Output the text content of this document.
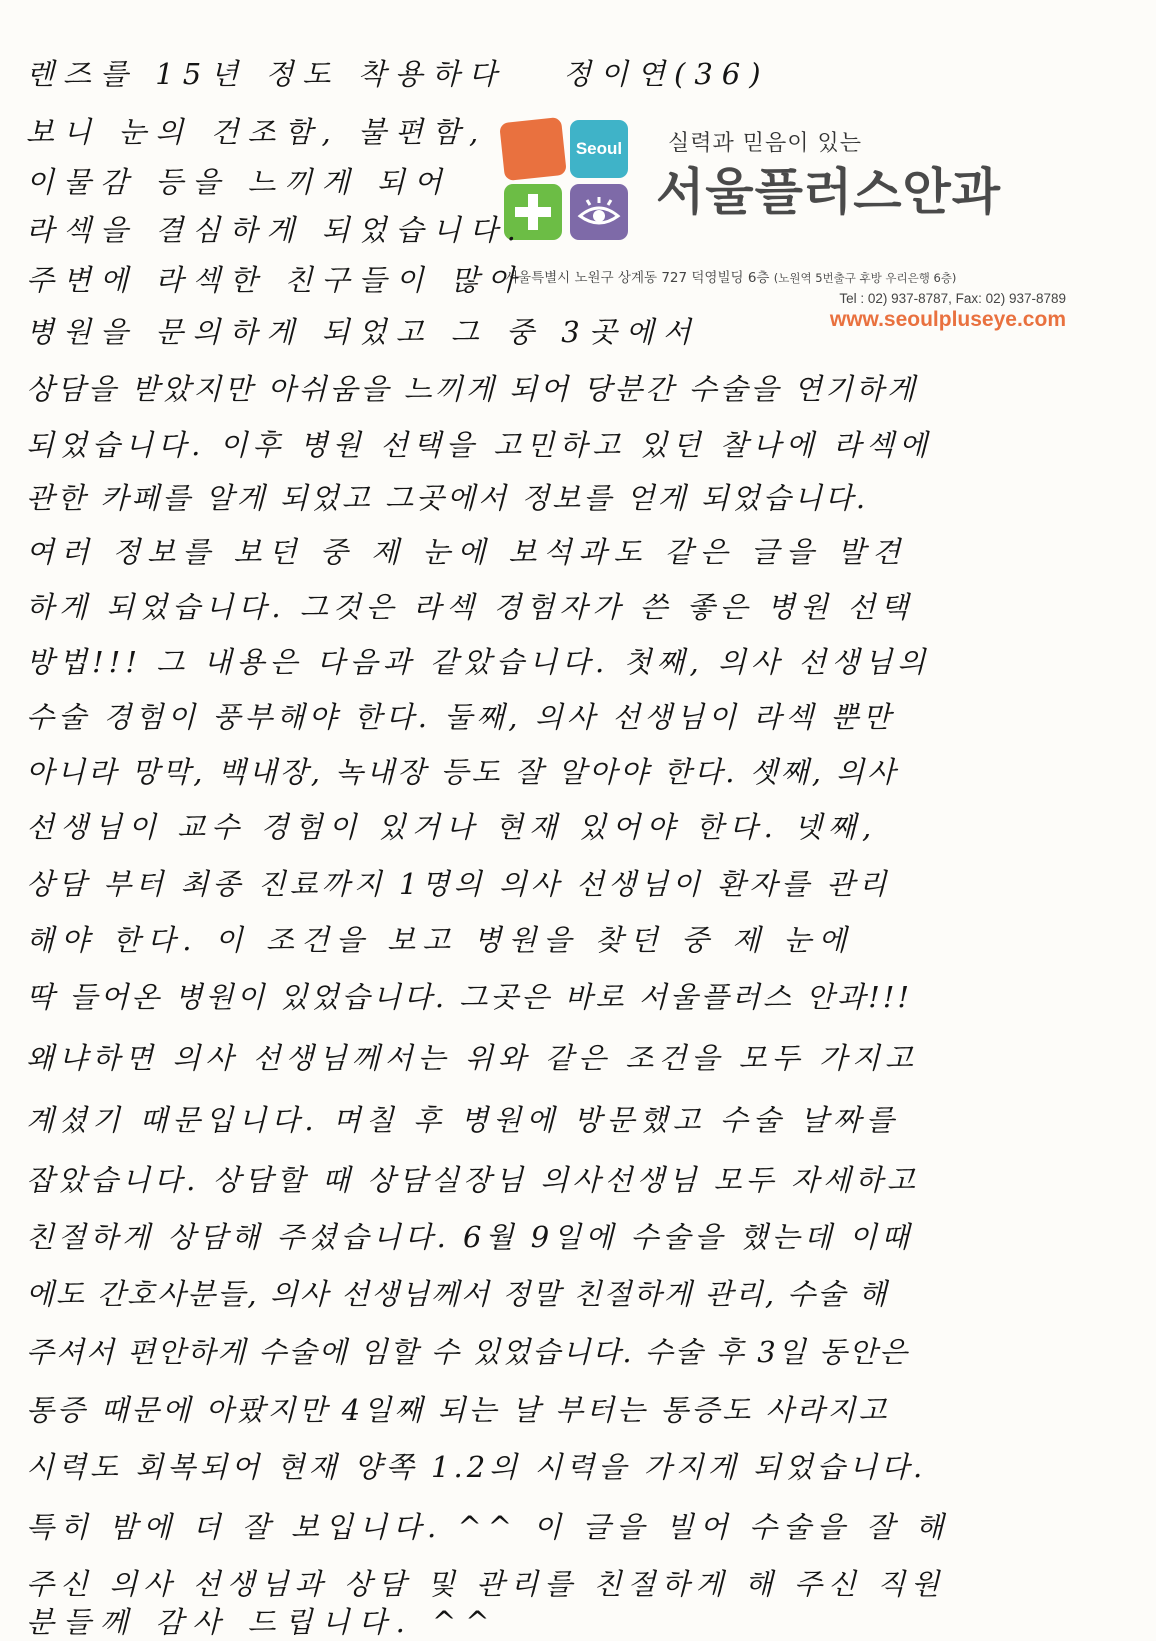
Seoul 실력과 믿음이 있는
서울플러스안과
서울특별시 노원구 상계동 727 덕영빌딩 6층 (노원역 5번출구 후방 우리은행 6층)
Tel : 02) 937-8787, Fax: 02) 937-8789
www.seoulpluseye.com
정이연(36)
렌즈를 15년 정도 착용하다
보니 눈의 건조함, 불편함,
이물감 등을 느끼게 되어
라섹을 결심하게 되었습니다.
주변에 라섹한 친구들이 많아
병원을 문의하게 되었고 그 중 3곳에서
상담을 받았지만 아쉬움을 느끼게 되어 당분간 수술을 연기하게
되었습니다. 이후 병원 선택을 고민하고 있던 찰나에 라섹에
관한 카페를 알게 되었고 그곳에서 정보를 얻게 되었습니다.
여러 정보를 보던 중 제 눈에 보석과도 같은 글을 발견
하게 되었습니다. 그것은 라섹 경험자가 쓴 좋은 병원 선택
방법!!! 그 내용은 다음과 같았습니다. 첫째, 의사 선생님의
수술 경험이 풍부해야 한다. 둘째, 의사 선생님이 라섹 뿐만
아니라 망막, 백내장, 녹내장 등도 잘 알아야 한다. 셋째, 의사
선생님이 교수 경험이 있거나 현재 있어야 한다. 넷째,
상담 부터 최종 진료까지 1명의 의사 선생님이 환자를 관리
해야 한다. 이 조건을 보고 병원을 찾던 중 제 눈에
딱 들어온 병원이 있었습니다. 그곳은 바로 서울플러스 안과!!!
왜냐하면 의사 선생님께서는 위와 같은 조건을 모두 가지고
계셨기 때문입니다. 며칠 후 병원에 방문했고 수술 날짜를
잡았습니다. 상담할 때 상담실장님 의사선생님 모두 자세하고
친절하게 상담해 주셨습니다. 6월 9일에 수술을 했는데 이때
에도 간호사분들, 의사 선생님께서 정말 친절하게 관리, 수술 해
주셔서 편안하게 수술에 임할 수 있었습니다. 수술 후 3일 동안은
통증 때문에 아팠지만 4일째 되는 날 부터는 통증도 사라지고
시력도 회복되어 현재 양쪽 1.2의 시력을 가지게 되었습니다.
특히 밤에 더 잘 보입니다. ^^ 이 글을 빌어 수술을 잘 해
주신 의사 선생님과 상담 및 관리를 친절하게 해 주신 직원
분들께 감사 드립니다. ^^
